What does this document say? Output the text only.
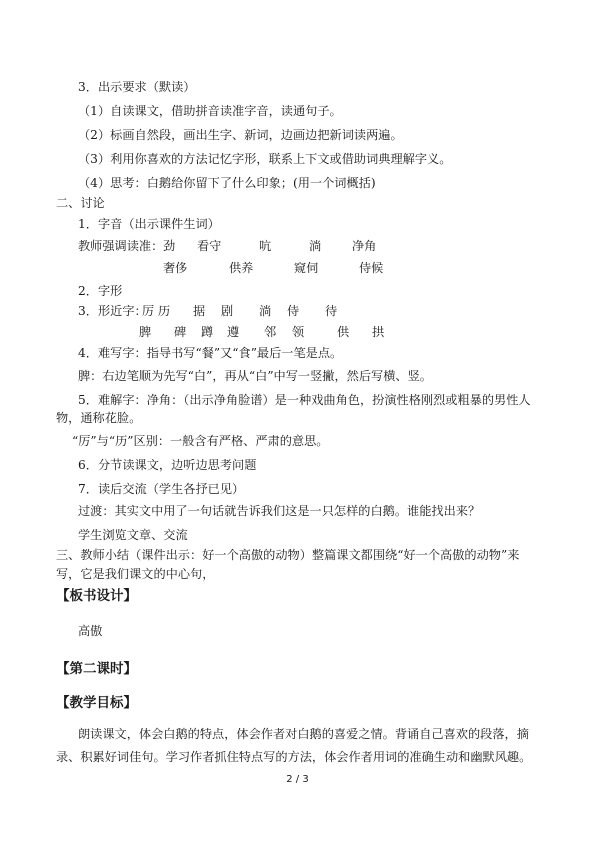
3．出示要求（默读）
（1）自读课文，借助拼音读准字音，读通句子。
（2）标画自然段，画出生字、新词，边画边把新词读两遍。
（3）利用你喜欢的方法记忆字形，联系上下文或借助词典理解字义。
（4）思考：白鹅给你留下了什么印象；(用一个词概括)
二、讨论
1．字音（出示课件生词）
教师强调读准： 劲 看守	吭	淌	净角
奢侈	供养	窥伺	侍候
2．字形
3．形近字：
厉 历 据 剧 淌 侍 待
脾 碑 蹲 遵 邻 领	供 拱
4．难写字：指导书写“餐”又“食”最后一笔是点。
脾：右边笔顺为先写“白”，再从“白”中写一竖撇，然后写横、竖。
5．难解字：净角：（出示净角脸谱）是一种戏曲角色，扮演性格刚烈或粗暴的男性人
物，通称花脸。
“厉”与“历”区别：一般含有严格、严肃的意思。
6．分节读课文，边听边思考问题
7．读后交流（学生各抒已见）
过渡：其实文中用了一句话就告诉我们这是一只怎样的白鹅。谁能找出来？
学生浏览文章、交流
三、教师小结（课件出示：好一个高傲的动物）整篇课文都围绕“好一个高傲的动物”来
写，它是我们课文的中心句，
【板书设计】
高傲
【第二课时】
【教学目标】
朗读课文，体会白鹅的特点，体会作者对白鹅的喜爱之情。背诵自己喜欢的段落，摘
录、积累好词佳句。学习作者抓住特点写的方法，体会作者用词的准确生动和幽默风趣。
2 / 3
